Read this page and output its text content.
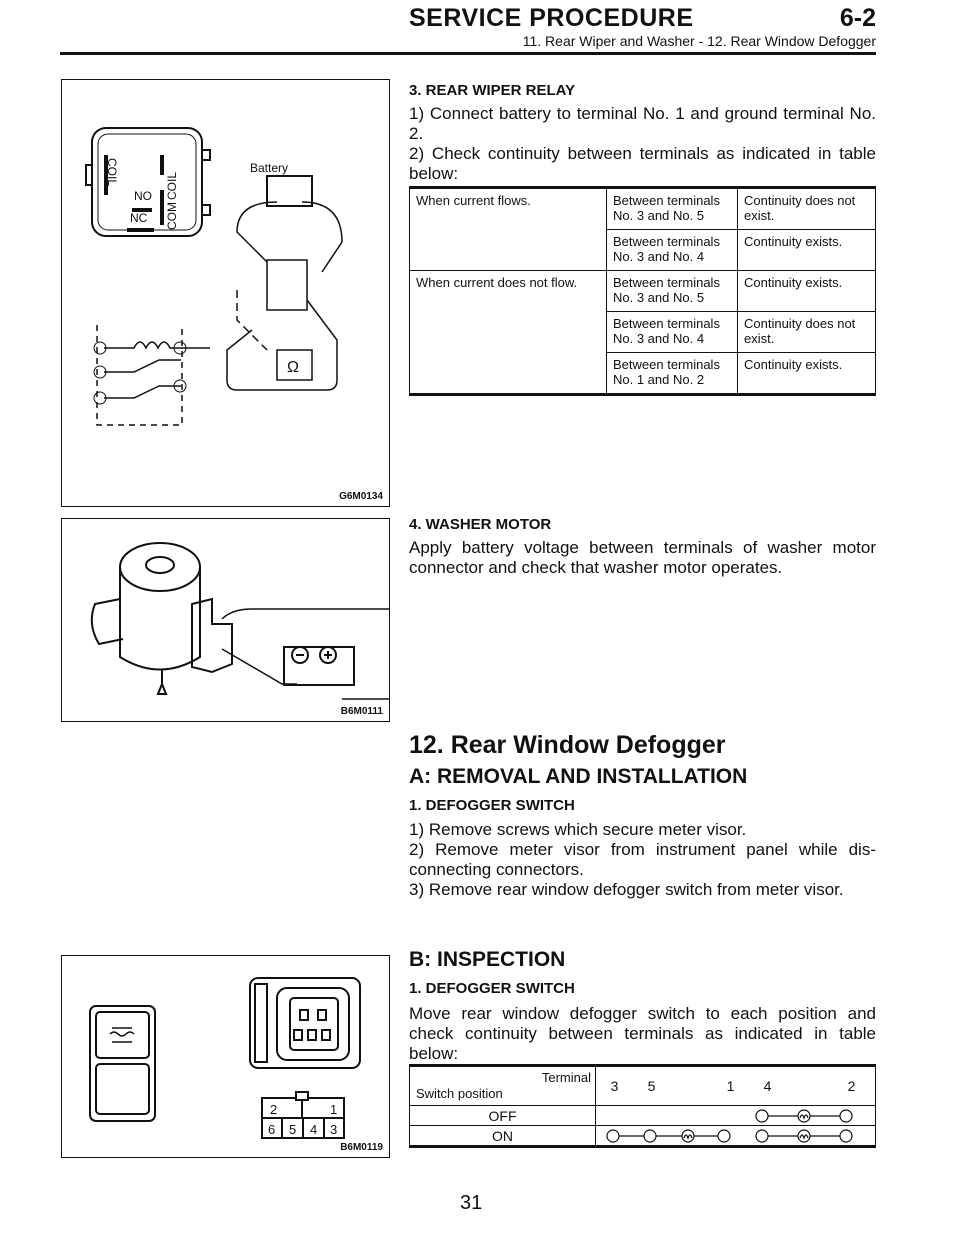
SERVICE PROCEDURE	6-2
11. Rear Wiper and Washer - 12. Rear Window Defogger
Battery
COIL	COIL
COM
NO
NC
Ω
G6M0134
3. REAR WIPER RELAY
1) Connect battery to terminal No. 1 and ground terminal No. 2.
2) Check continuity between terminals as indicated in table below:
When current flows.	Between terminals No. 3 and No. 5	Continuity does not exist.
	Between terminals No. 3 and No. 4	Continuity exists.
When current does not flow.	Between terminals No. 3 and No. 5	Continuity exists.
	Between terminals No. 3 and No. 4	Continuity does not exist.
	Between terminals No. 1 and No. 2	Continuity exists.
B6M0111
4. WASHER MOTOR
Apply battery voltage between terminals of washer motor connector and check that washer motor operates.
12. Rear Window Defogger
A: REMOVAL AND INSTALLATION
1. DEFOGGER SWITCH
1) Remove screws which secure meter visor.
2) Remove meter visor from instrument panel while dis-connecting connectors.
3) Remove rear window defogger switch from meter visor.
B: INSPECTION
1. DEFOGGER SWITCH
Move rear window defogger switch to each position and check continuity between terminals as indicated in table below:
2	1
6 5 4 3
B6M0119
Terminal
Switch position	3	5		1	4		2
OFF	

ON	
31
